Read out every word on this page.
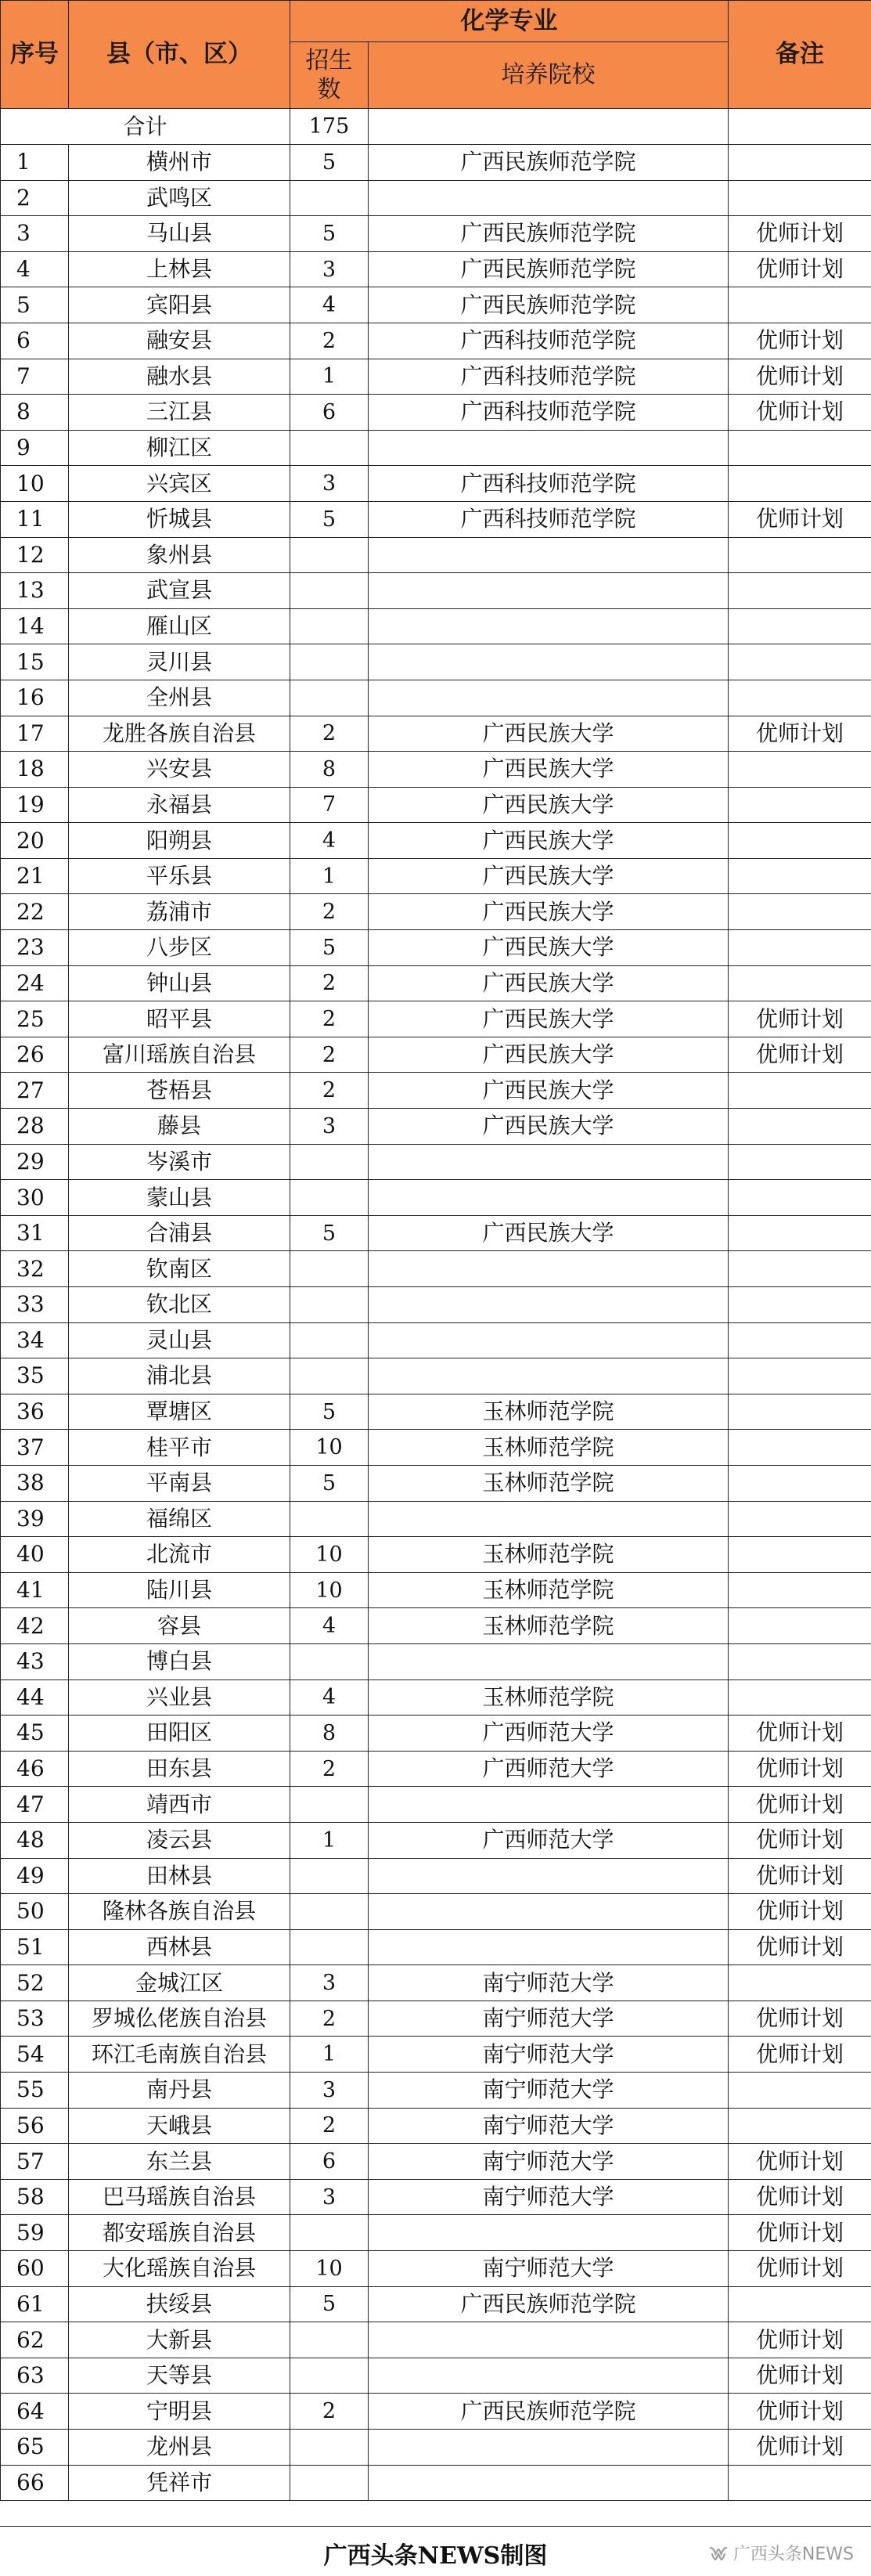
序号	县（市、区）	化学专业		备注
		招生
数	培养院校	
合计		175		
1	横州市	5	广西民族师范学院	
2	武鸣区			
3	马山县	5	广西民族师范学院	优师计划
4	上林县	3	广西民族师范学院	优师计划
5	宾阳县	4	广西民族师范学院	
6	融安县	2	广西科技师范学院	优师计划
7	融水县	1	广西科技师范学院	优师计划
8	三江县	6	广西科技师范学院	优师计划
9	柳江区			
10	兴宾区	3	广西科技师范学院	
11	忻城县	5	广西科技师范学院	优师计划
12	象州县			
13	武宣县			
14	雁山区			
15	灵川县			
16	全州县			
17	龙胜各族自治县	2	广西民族大学	优师计划
18	兴安县	8	广西民族大学	
19	永福县	7	广西民族大学	
20	阳朔县	4	广西民族大学	
21	平乐县	1	广西民族大学	
22	荔浦市	2	广西民族大学	
23	八步区	5	广西民族大学	
24	钟山县	2	广西民族大学	
25	昭平县	2	广西民族大学	优师计划
26	富川瑶族自治县	2	广西民族大学	优师计划
27	苍梧县	2	广西民族大学	
28	藤县	3	广西民族大学	
29	岑溪市			
30	蒙山县			
31	合浦县	5	广西民族大学	
32	钦南区			
33	钦北区			
34	灵山县			
35	浦北县			
36	覃塘区	5	玉林师范学院	
37	桂平市	10	玉林师范学院	
38	平南县	5	玉林师范学院	
39	福绵区			
40	北流市	10	玉林师范学院	
41	陆川县	10	玉林师范学院	
42	容县	4	玉林师范学院	
43	博白县			
44	兴业县	4	玉林师范学院	
45	田阳区	8	广西师范大学	优师计划
46	田东县	2	广西师范大学	优师计划
47	靖西市			优师计划
48	凌云县	1	广西师范大学	优师计划
49	田林县			优师计划
50	隆林各族自治县			优师计划
51	西林县			优师计划
52	金城江区	3	南宁师范大学	
53	罗城仫佬族自治县	2	南宁师范大学	优师计划
54	环江毛南族自治县	1	南宁师范大学	优师计划
55	南丹县	3	南宁师范大学	
56	天峨县	2	南宁师范大学	
57	东兰县	6	南宁师范大学	优师计划
58	巴马瑶族自治县	3	南宁师范大学	优师计划
59	都安瑶族自治县			优师计划
60	大化瑶族自治县	10	南宁师范大学	优师计划
61	扶绥县	5	广西民族师范学院	
62	大新县			优师计划
63	天等县			优师计划
64	宁明县	2	广西民族师范学院	优师计划
65	龙州县			优师计划
66	凭祥市			
广西头条NEWS制图	广西头条NEWS
